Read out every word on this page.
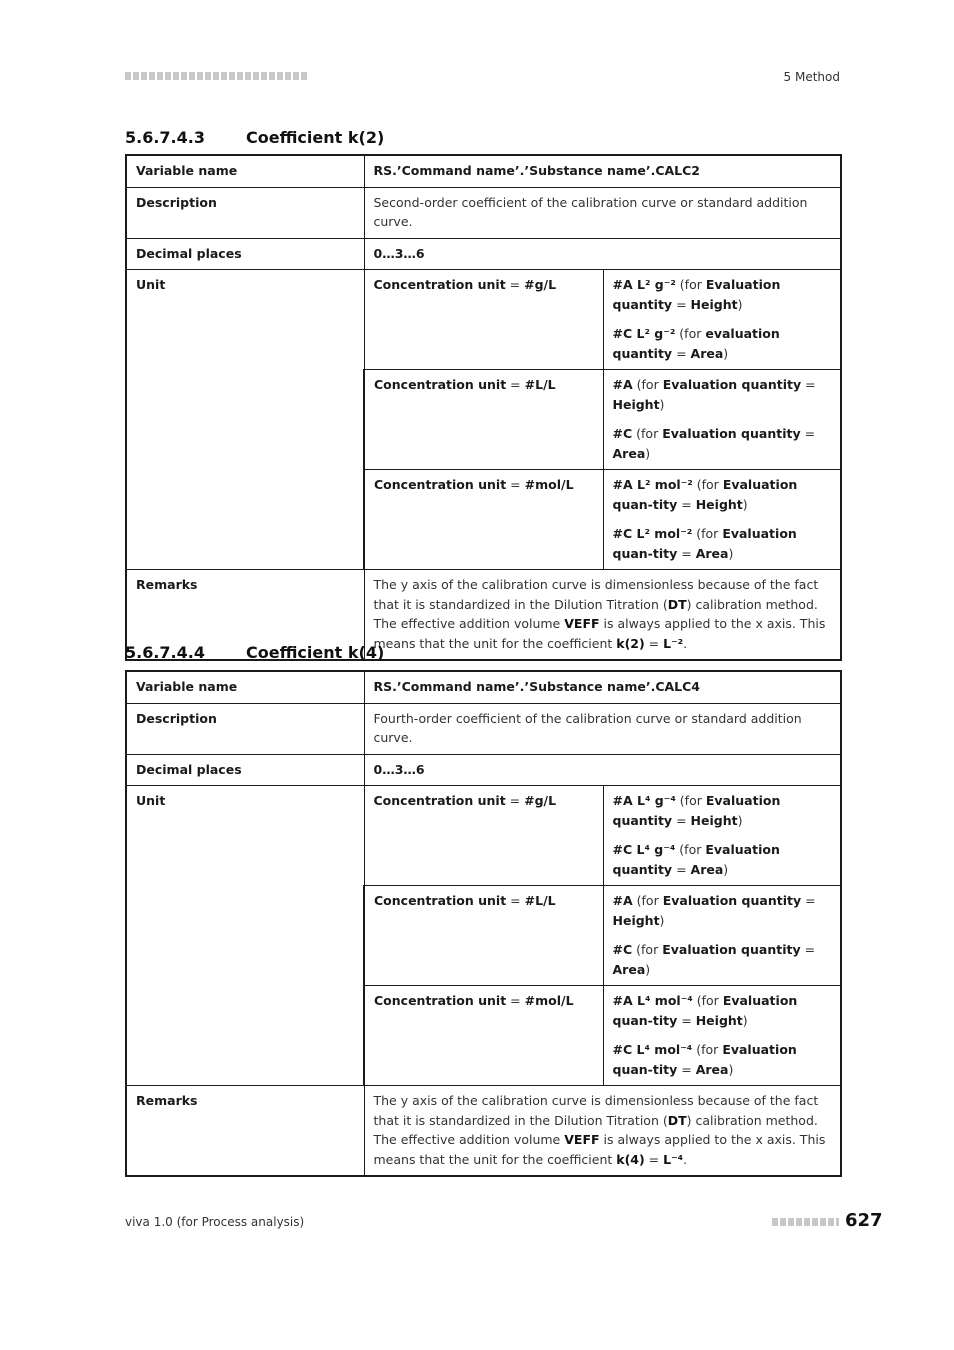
5 Method
5.6.7.4.3	Coefficient k(2)
Variable name	RS.’Command name’.’Substance name’.CALC2	
Description	Second-order coefficient of the calibration curve or standard addition curve.	
Decimal places	0…3…6	
Unit	Concentration unit = #g/L	#A L² g⁻² (for Evaluation quantity = Height)

#C L² g⁻² (for evaluation quantity = Area)

	Concentration unit = #L/L	#A (for Evaluation quantity = Height)

#C (for Evaluation quantity = Area)

	Concentration unit = #mol/L	#A L² mol⁻² (for Evaluation quan-tity = Height)

#C L² mol⁻² (for Evaluation quan-tity = Area)

Remarks	The y axis of the calibration curve is dimensionless because of the fact that it is standardized in the Dilution Titration (DT) calibration method. The effective addition volume VEFF is always applied to the x axis. This means that the unit for the coefficient k(2) = L⁻².	
5.6.7.4.4	Coefficient k(4)
Variable name	RS.’Command name’.’Substance name’.CALC4	
Description	Fourth-order coefficient of the calibration curve or standard addition curve.	
Decimal places	0…3…6	
Unit	Concentration unit = #g/L	#A L⁴ g⁻⁴ (for Evaluation quantity = Height)

#C L⁴ g⁻⁴ (for Evaluation quantity = Area)

	Concentration unit = #L/L	#A (for Evaluation quantity = Height)

#C (for Evaluation quantity = Area)

	Concentration unit = #mol/L	#A L⁴ mol⁻⁴ (for Evaluation quan-tity = Height)

#C L⁴ mol⁻⁴ (for Evaluation quan-tity = Area)

Remarks	The y axis of the calibration curve is dimensionless because of the fact that it is standardized in the Dilution Titration (DT) calibration method. The effective addition volume VEFF is always applied to the x axis. This means that the unit for the coefficient k(4) = L⁻⁴.	
viva 1.0 (for Process analysis)	627
